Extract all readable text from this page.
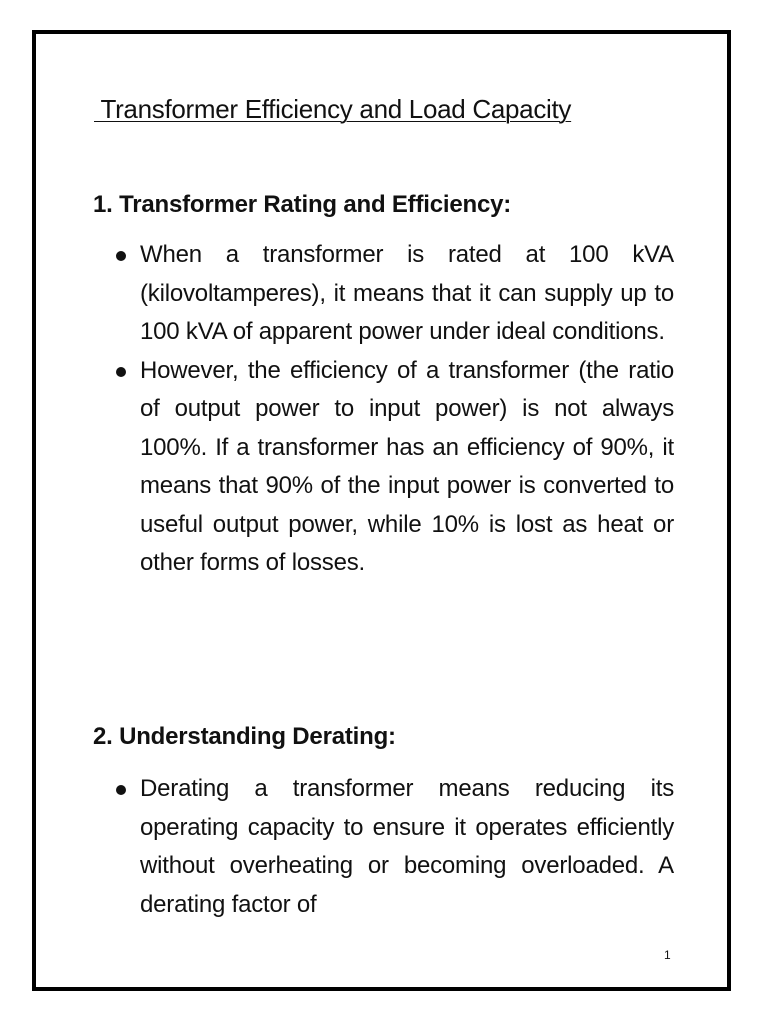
Transformer Efficiency and Load Capacity
1. Transformer Rating and Efficiency:
When a transformer is rated at 100 kVA (kilovoltamperes), it means that it can supply up to 100 kVA of apparent power under ideal conditions.
However, the efficiency of a transformer (the ratio of output power to input power) is not always 100%. If a transformer has an efficiency of 90%, it means that 90% of the input power is converted to useful output power, while 10% is lost as heat or other forms of losses.
2. Understanding Derating:
Derating a transformer means reducing its operating capacity to ensure it operates efficiently without overheating or becoming overloaded. A derating factor of
1
